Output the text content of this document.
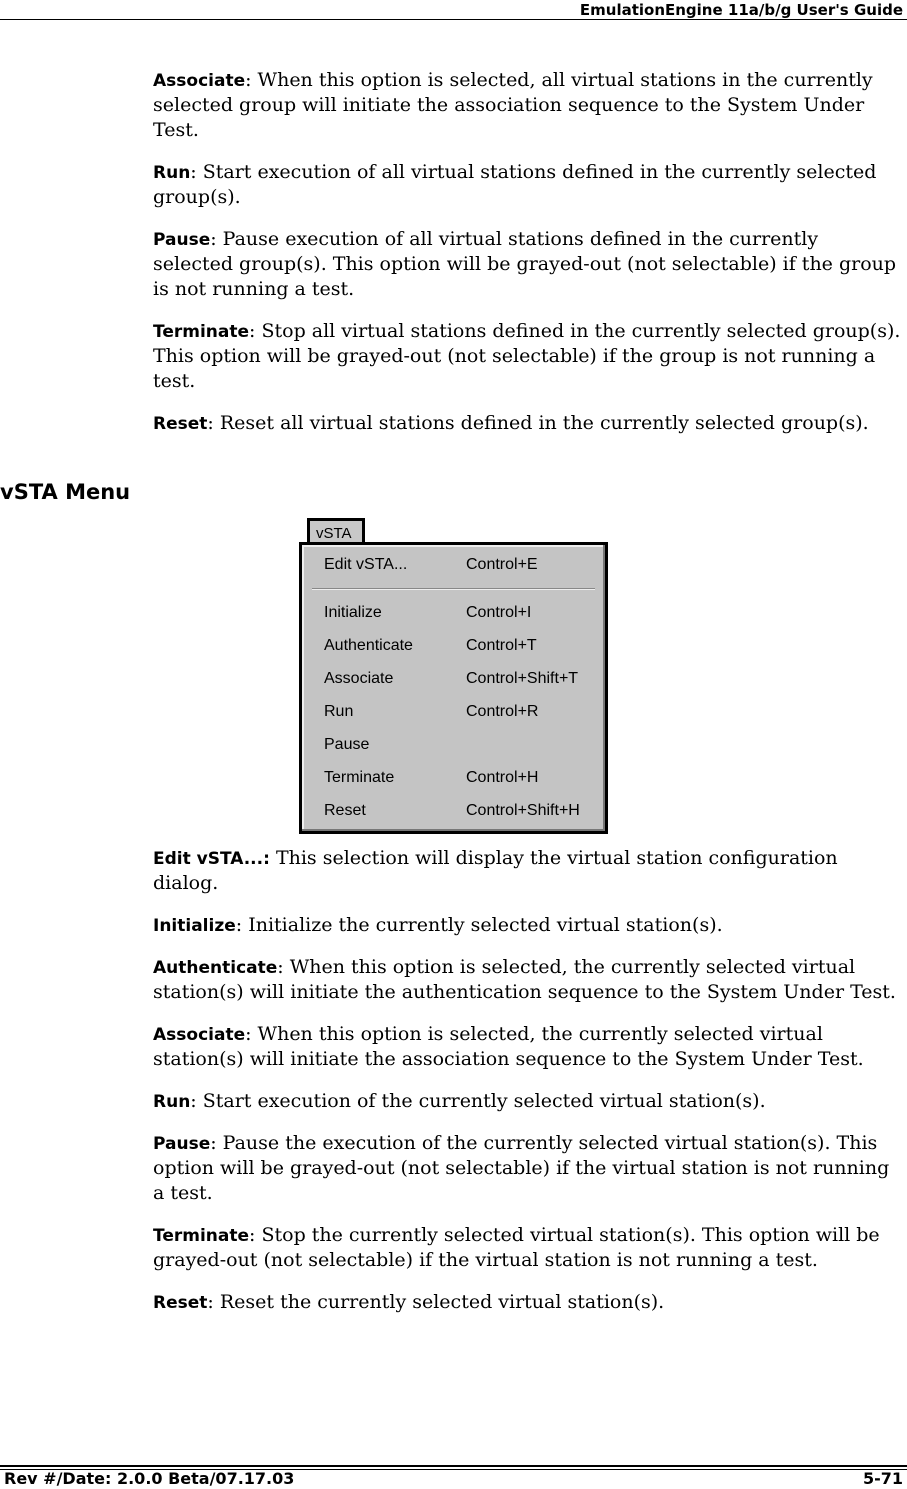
EmulationEngine 11a/b/g User's Guide

Associate: When this option is selected, all virtual stations in the currently selected group will initiate the association sequence to the System Under Test.

Run: Start execution of all virtual stations defined in the currently selected group(s).

Pause: Pause execution of all virtual stations defined in the currently selected group(s). This option will be grayed-out (not selectable) if the group is not running a test.

Terminate: Stop all virtual stations defined in the currently selected group(s). This option will be grayed-out (not selectable) if the group is not running a test.

Reset: Reset all virtual stations defined in the currently selected group(s).

vSTA Menu
vSTA
Edit vSTA...	Control+E
Initialize	Control+I
Authenticate	Control+T
Associate	Control+Shift+T
Run	Control+R
Pause
Terminate	Control+H
Reset	Control+Shift+H

Edit vSTA...: This selection will display the virtual station configuration dialog.

Initialize: Initialize the currently selected virtual station(s).

Authenticate: When this option is selected, the currently selected virtual station(s) will initiate the authentication sequence to the System Under Test.

Associate: When this option is selected, the currently selected virtual station(s) will initiate the association sequence to the System Under Test.

Run: Start execution of the currently selected virtual station(s).

Pause: Pause the execution of the currently selected virtual station(s). This option will be grayed-out (not selectable) if the virtual station is not running a test.

Terminate: Stop the currently selected virtual station(s). This option will be grayed-out (not selectable) if the virtual station is not running a test.

Reset: Reset the currently selected virtual station(s).

Rev #/Date: 2.0.0 Beta/07.17.03	5-71
